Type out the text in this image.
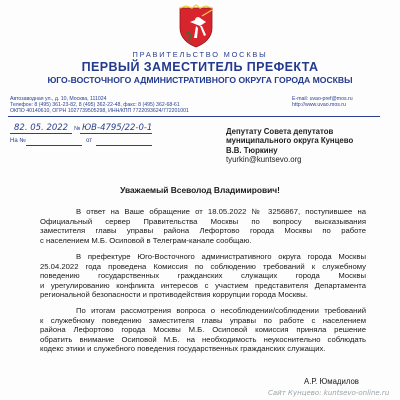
ПРАВИТЕЛЬСТВО МОСКВЫ
ПЕРВЫЙ ЗАМЕСТИТЕЛЬ ПРЕФЕКТА
ЮГО-ВОСТОЧНОГО АДМИНИСТРАТИВНОГО ОКРУГА ГОРОДА МОСКВЫ
Автозаводная ул., д. 10, Москва, 111024
Телефон: 8 (495) 361-23-82, 8 (495) 362-22-48, факс: 8 (495) 362-68-61
ОКПО 40140610, ОГРН 1027739505298, ИНН/КПП 7722093624/772201001
E-mail: uvao-pref@mos.ru
http://www.uvao.mos.ru
82. 05. 2022 № ЮВ-4795/22-0-1
На №	от
Депутату Совета депутатов
муниципального округа Кунцево
В.В. Тюркину
tyurkin@kuntsevo.org
Уважаемый Всеволод Владимирович!
В ответ на Ваше обращение от 18.05.2022 № 3256867, поступившее на
Официальный сервер Правительства Москвы по вопросу высказывания
заместителя главы управы района Лефортово города Москвы по работе
с населением М.Б. Осиповой в Телеграм-канале сообщаю.
В префектуре Юго-Восточного административного округа города Москвы
25.04.2022 года проведена Комиссия по соблюдению требований к служебному
поведению государственных гражданских служащих города Москвы
и урегулированию конфликта интересов с участием представителя Департамента
региональной безопасности и противодействия коррупции города Москвы.
По итогам рассмотрения вопроса о несоблюдении/соблюдении требований
к служебному поведению заместителя главы управы по работе с населением
района Лефортово города Москвы М.Б. Осиповой комиссия приняла решение
обратить внимание Осиповой М.Б. на необходимость неукоснительно соблюдать
кодекс этики и служебного поведения государственных гражданских служащих.
А.Р. Юмадилов
Сайт Кунцево: kuntsevo-online.ru
